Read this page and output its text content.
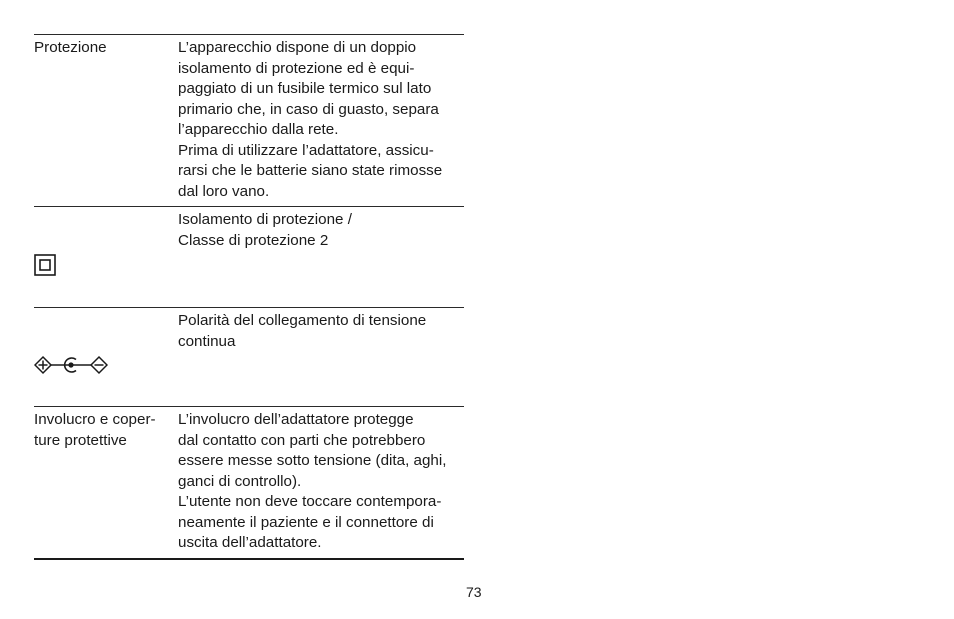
Protezione	L’apparecchio dispone di un doppio
isolamento di protezione ed è equi-
paggiato di un fusibile termico sul lato
primario che, in caso di guasto, separa
l’apparecchio dalla rete.
Prima di utilizzare l’adattatore, assicu-
rarsi che le batterie siano state rimosse
dal loro vano.

Isolamento di protezione /
Classe di protezione 2

Polarità del collegamento di tensione
continua
Involucro e coper-
ture protettive
L’involucro dell’adattatore protegge
dal contatto con parti che potrebbero
essere messe sotto tensione (dita, aghi,
ganci di controllo).
L’utente non deve toccare contempora-
neamente il paziente e il connettore di
uscita dell’adattatore.
73
